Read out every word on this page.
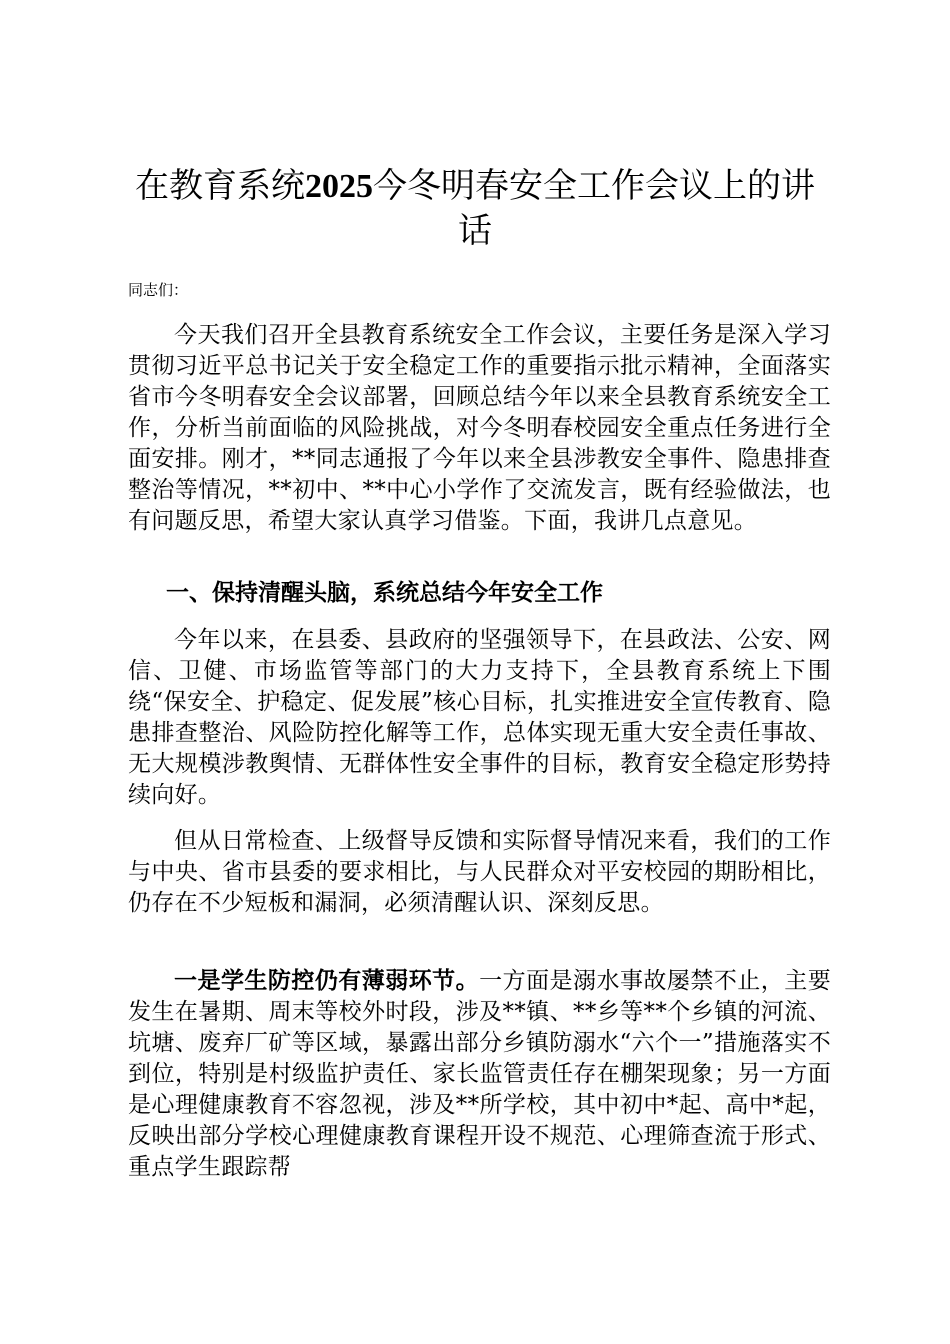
在教育系统2025今冬明春安全工作会议上的讲话

同志们：

今天我们召开全县教育系统安全工作会议，主要任务是深入学习贯彻习近平总书记关于安全稳定工作的重要指示批示精神，全面落实省市今冬明春安全会议部署，回顾总结今年以来全县教育系统安全工作，分析当前面临的风险挑战，对今冬明春校园安全重点任务进行全面安排。刚才，**同志通报了今年以来全县涉教安全事件、隐患排查整治等情况，**初中、**中心小学作了交流发言，既有经验做法，也有问题反思，希望大家认真学习借鉴。下面，我讲几点意见。

一、保持清醒头脑，系统总结今年安全工作

今年以来，在县委、县政府的坚强领导下，在县政法、公安、网信、卫健、市场监管等部门的大力支持下，全县教育系统上下围绕“保安全、护稳定、促发展”核心目标，扎实推进安全宣传教育、隐患排查整治、风险防控化解等工作，总体实现无重大安全责任事故、无大规模涉教舆情、无群体性安全事件的目标，教育安全稳定形势持续向好。

但从日常检查、上级督导反馈和实际督导情况来看，我们的工作与中央、省市县委的要求相比，与人民群众对平安校园的期盼相比，仍存在不少短板和漏洞，必须清醒认识、深刻反思。

一是学生防控仍有薄弱环节。一方面是溺水事故屡禁不止，主要发生在暑期、周末等校外时段，涉及**镇、**乡等**个乡镇的河流、坑塘、废弃厂矿等区域，暴露出部分乡镇防溺水“六个一”措施落实不到位，特别是村级监护责任、家长监管责任存在棚架现象；另一方面是心理健康教育不容忽视，涉及**所学校，其中初中*起、高中*起，反映出部分学校心理健康教育课程开设不规范、心理筛查流于形式、重点学生跟踪帮
